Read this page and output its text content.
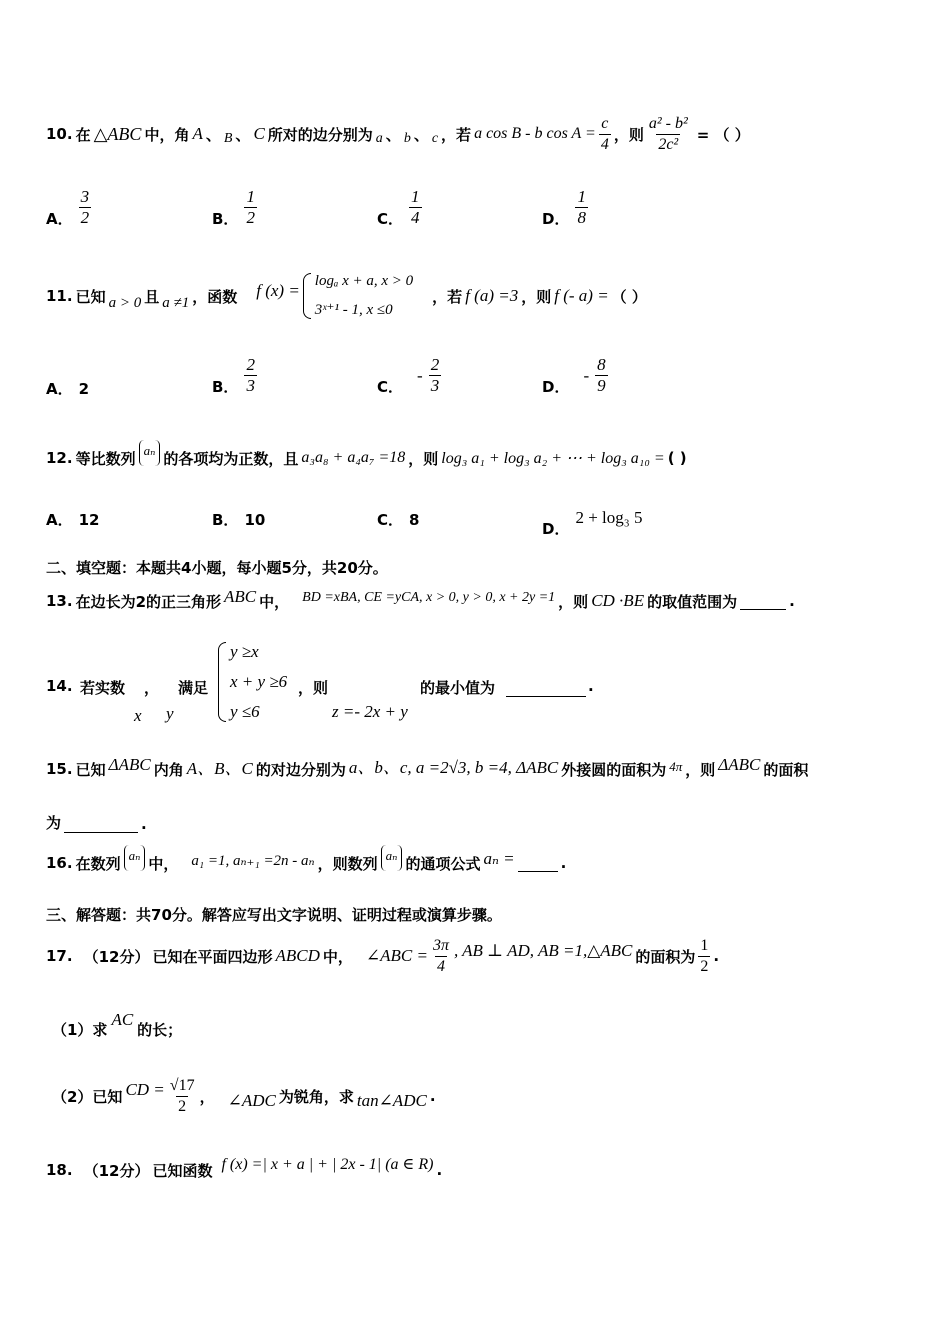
10. 在 △ABC 中，角 A 、 B 、 C 所对的边分别为 a 、 b 、 c ，若 a cos B - b $\cos A = \frac{c}{4}$ ，则 $\frac{\text{a² - b²}}{\text{2c²}}$ = （ ）
A． $\frac{3}{2}$	B． $\frac{1}{2}$	C． $\frac{1}{4}$	D． $\frac{1}{8}$
11. 已知 a > 0 且 a ≠1 ，函数 f (x) = logₐ x + a, x > 0
3ˣ⁺¹ - 1, x ≤0
，若 f (a) =3 ，则 f (- a) = （ ）
A． 2	B． $\frac{2}{3}$	C．
- $\frac{2}{3}$	D．
- $\frac{8}{9}$
12. 等比数列 aₙ 的各项均为正数，且 a₃a₈ + a₄a₇ =18 ，则 log₃ a₁ + log₃ a₂ + ⋯ + log₃ a₁₀ = ( )
A． 12	B． 10	C． 8
D．
2 + log₃ 5
二、填空题：本题共4小题，每小题5分，共20分。
13. 在边长为2的正三角形 ABC 中， BD =xBA, CE =yCA, x > 0, y > 0, x + 2y =1 ，则 CD ·BE 的取值范围为	.
14. 若实数
x
，
y
满足
y ≥x
x + y ≥6
y ≤6
，则
z =- 2x + y
的最小值为	.
15. 已知 ΔABC 内角 A、B、C 的对边分别为 a、b、c, a =2√3, b =4, ΔABC 外接圆的面积为 4π ，则 ΔABC 的面积
为	.
16. 在数列 aₙ 中， a₁ =1, aₙ₊₁ =2n - aₙ ，则数列 aₙ 的通项公式 aₙ =	.
三、解答题：共70分。解答应写出文字说明、证明过程或演算步骤。
17. （12分） 已知在平面四边形 ABCD 中， ∠ABC = $\frac{3\pi}{4}$ , AB ⊥ AD, AB =1,△ABC 的面积为 $\frac{1}{2}$ .
（1）求
AC
的长；
（2）已知 CD = $\frac{√17}{2}$ ， ∠ADC 为锐角，求 tan∠ADC .
18. （12分） 已知函数 f (x) =| x + a | + | 2x - 1| (a ∈ R) .
